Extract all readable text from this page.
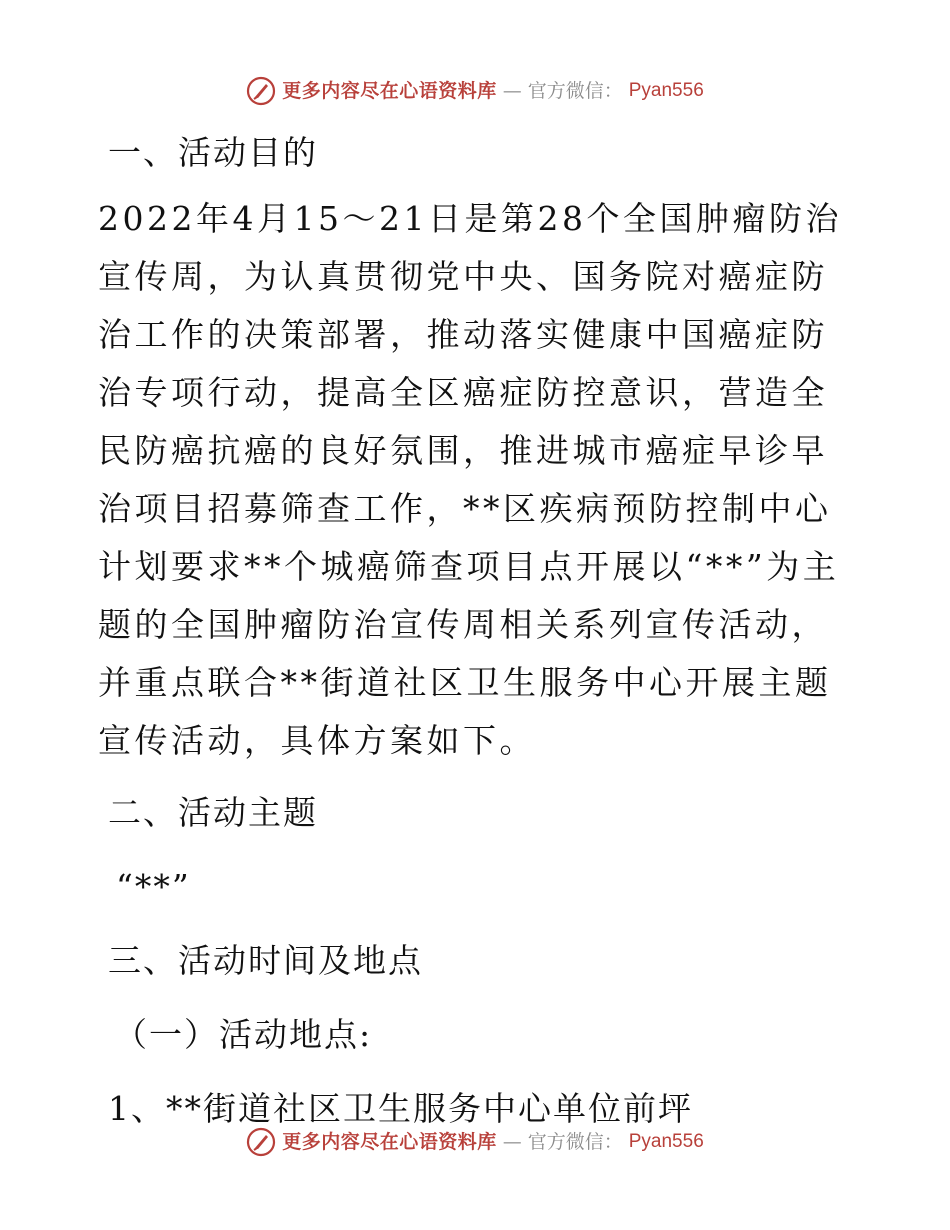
更多内容尽在心语资料库 — 官方微信： Pyan556

一、活动目的

2022年4月15～21日是第28个全国肿瘤防治宣传周，为认真贯彻党中央、国务院对癌症防治工作的决策部署，推动落实健康中国癌症防治专项行动，提高全区癌症防控意识，营造全民防癌抗癌的良好氛围，推进城市癌症早诊早治项目招募筛查工作，**区疾病预防控制中心计划要求**个城癌筛查项目点开展以“**”为主题的全国肿瘤防治宣传周相关系列宣传活动，并重点联合**街道社区卫生服务中心开展主题宣传活动，具体方案如下。

二、活动主题

“**”

三、活动时间及地点

（一）活动地点:

1、**街道社区卫生服务中心单位前坪

更多内容尽在心语资料库 — 官方微信： Pyan556
